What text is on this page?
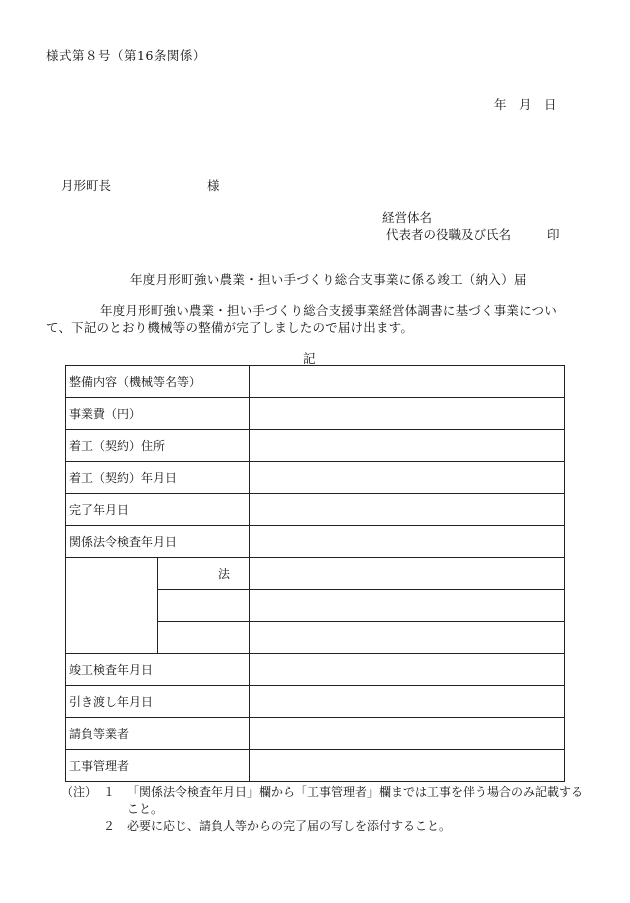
様式第８号（第16条関係）
年　月　日
月形町長	様
経営体名
代表者の役職及び氏名	印
年度月形町強い農業・担い手づくり総合支事業に係る竣工（納入）届
年度月形町強い農業・担い手づくり総合支援事業経営体調書に基づく事業について、下記のとおり機械等の整備が完了しましたので届け出ます。
記
整備内容（機械等名等）		
事業費（円）		
着工（契約）住所		
着工（契約）年月日		
完了年月日		
関係法令検査年月日		
	法	

竣工検査年月日		
引き渡し年月日		
請負等業者		
工事管理者		
（注） １ 「関係法令検査年月日」欄から「工事管理者」欄までは工事を伴う場合のみ記載すること。
２ 必要に応じ、請負人等からの完了届の写しを添付すること。
